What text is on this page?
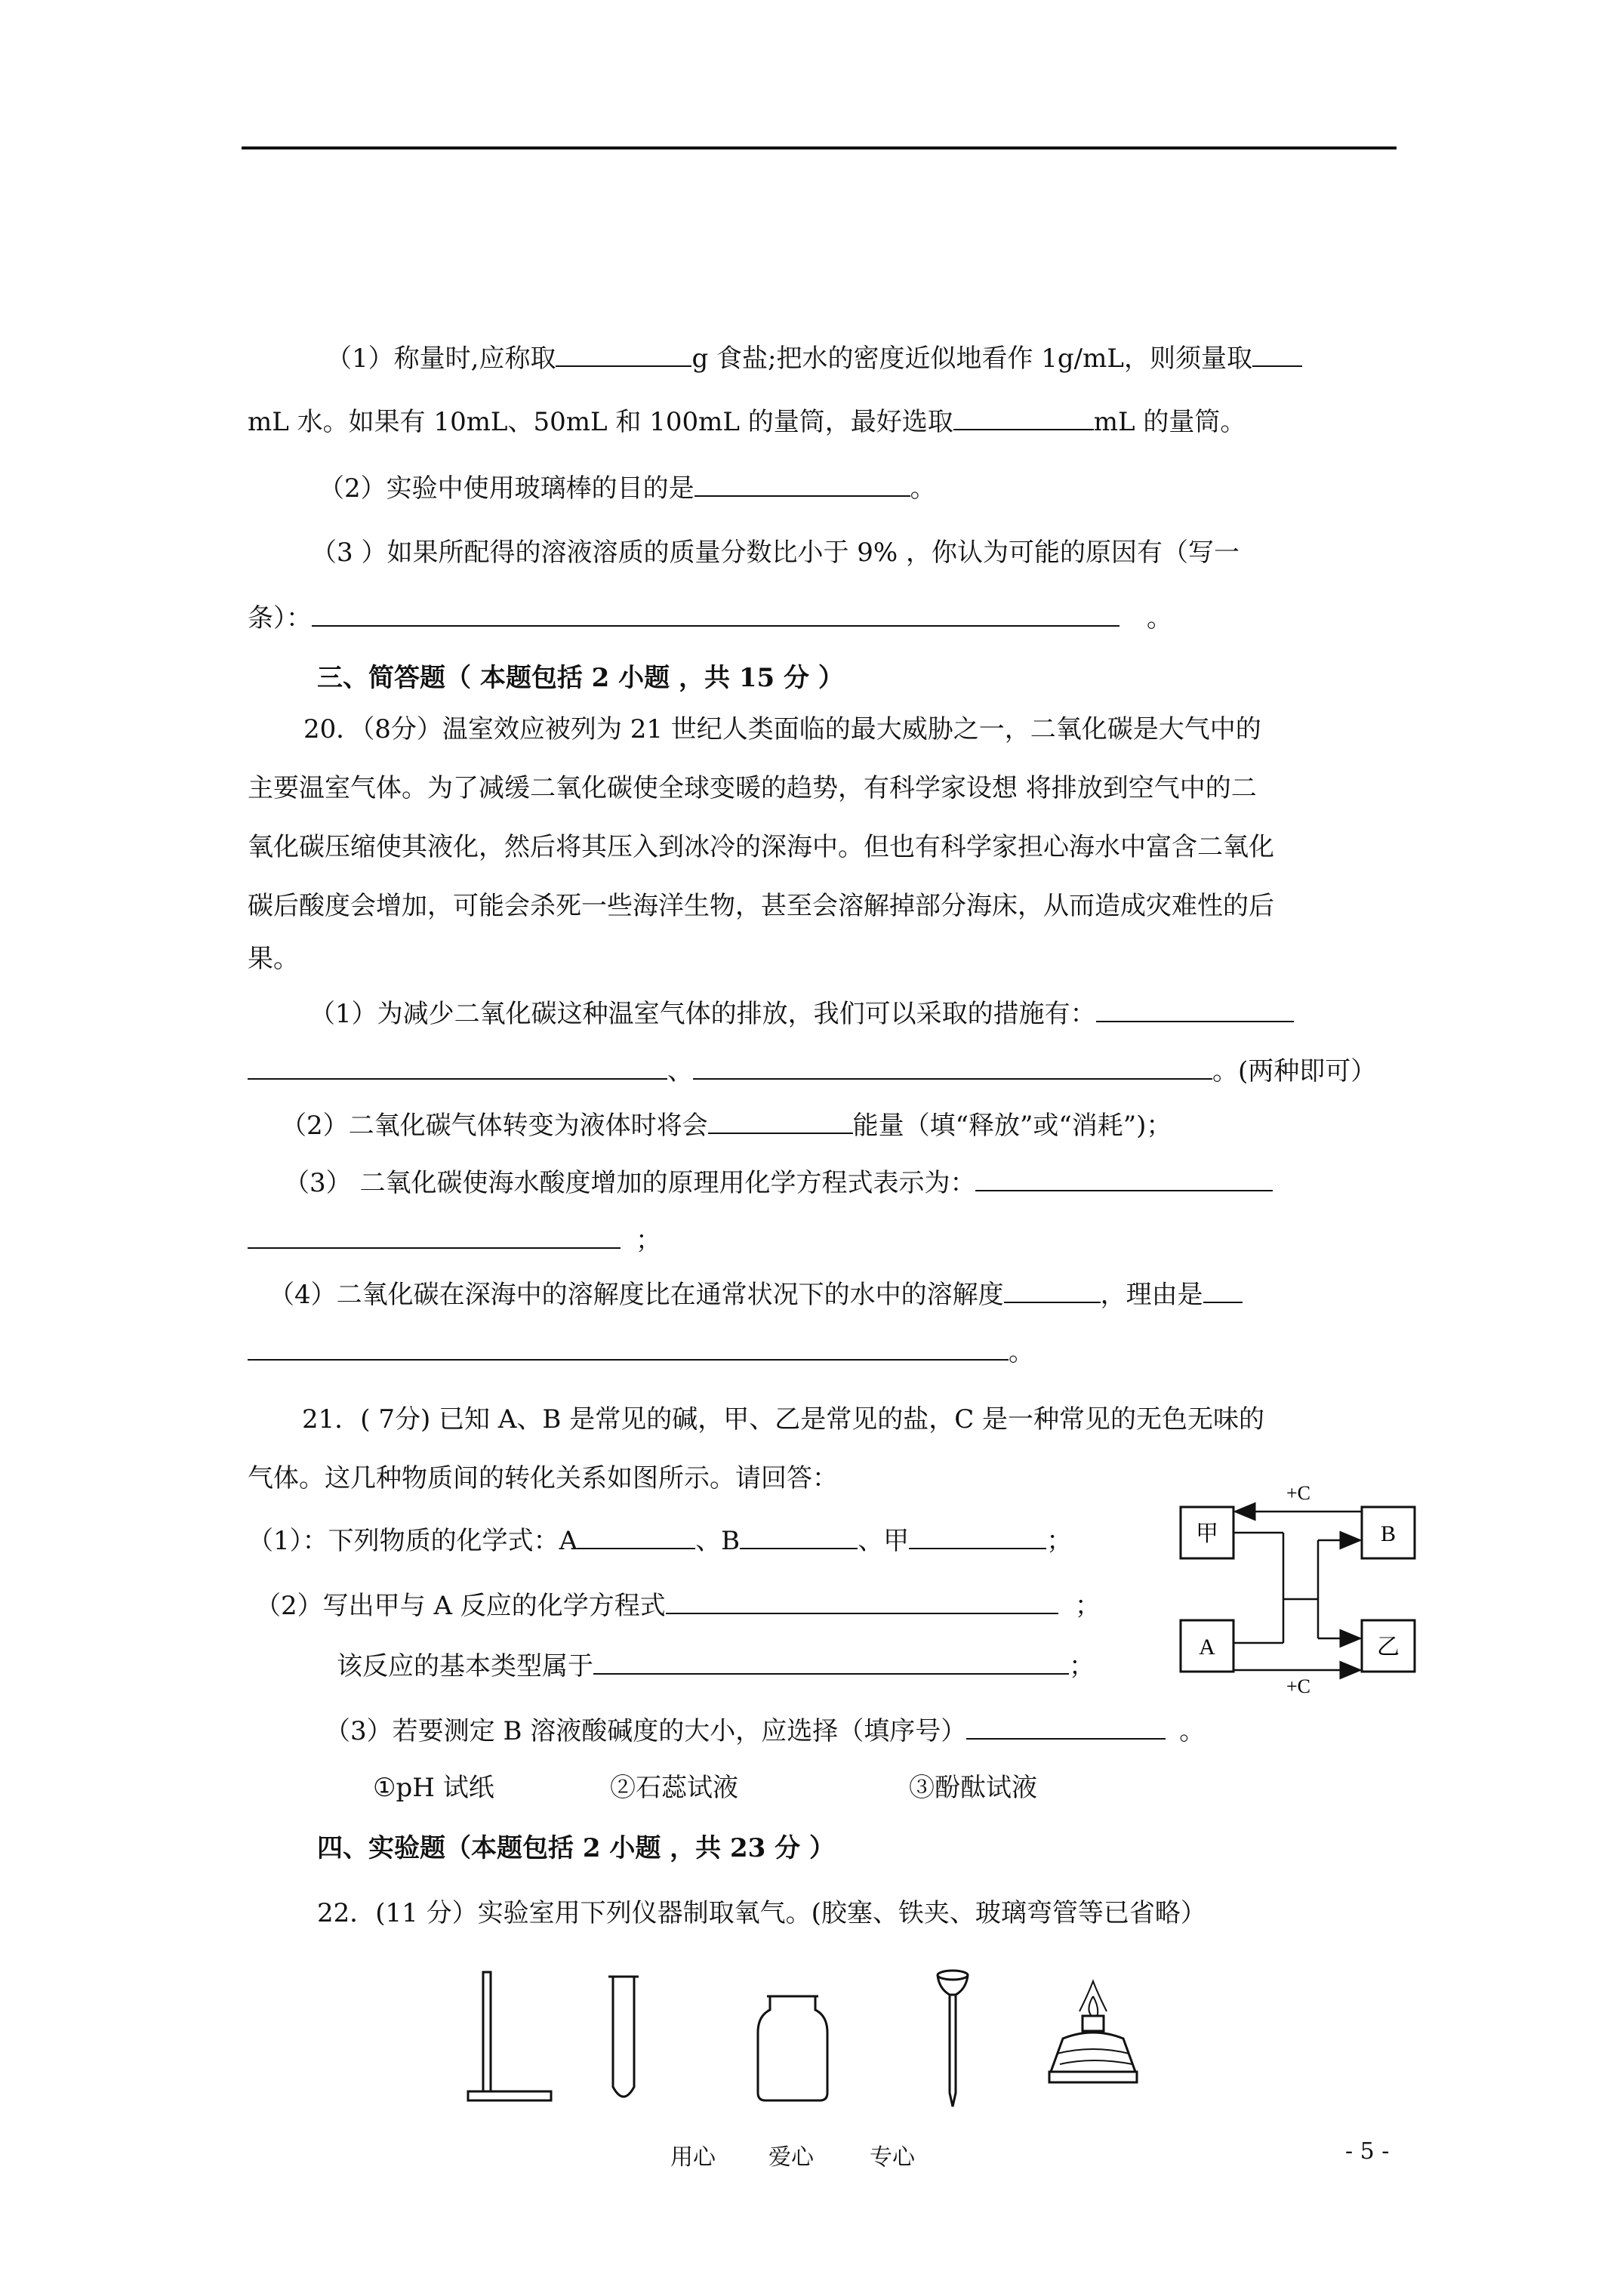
（1）称量时,应称取	g 食盐;把水的密度近似地看作 1g/mL，则须量取
mL 水。如果有 10mL、50mL 和 100mL 的量筒，最好选取	mL 的量筒。
（2）实验中使用玻璃棒的目的是	。
（3 ）如果所配得的溶液溶质的质量分数比小于 9% ，你认为可能的原因有（写一
条）：	。
三、简答题（ 本题包括 2 小题 ，共 15 分 ）
20．（8分）温室效应被列为 21 世纪人类面临的最大威胁之一，二氧化碳是大气中的
主要温室气体。为了减缓二氧化碳使全球变暖的趋势，有科学家设想 将排放到空气中的二
氧化碳压缩使其液化，然后将其压入到冰冷的深海中。但也有科学家担心海水中富含二氧化
碳后酸度会增加，可能会杀死一些海洋生物，甚至会溶解掉部分海床，从而造成灾难性的后
果。
（1）为减少二氧化碳这种温室气体的排放，我们可以采取的措施有：
、	。(两种即可）
（2）二氧化碳气体转变为液体时将会	能量（填“释放”或“消耗”)；
（3） 二氧化碳使海水酸度增加的原理用化学方程式表示为：
；
（4）二氧化碳在深海中的溶解度比在通常状况下的水中的溶解度	，理由是
。
21．( 7分) 已知 A、B 是常见的碱，甲、乙是常见的盐，C 是一种常见的无色无味的
气体。这几种物质间的转化关系如图所示。请回答：
（1）：下列物质的化学式：A	、B	、甲	；
（2）写出甲与 A 反应的化学方程式	；
该反应的基本类型属于	；
（3）若要测定 B 溶液酸碱度的大小，应选择（填序号）	。
①pH 试纸	②石蕊试液	③酚酞试液
甲	B
A	乙
+C
+C
四、实验题（本题包括 2 小题 ，共 23 分 ）
22．(11 分）实验室用下列仪器制取氧气。(胶塞、铁夹、玻璃弯管等已省略）
用心 爱心 专心	- 5 -
